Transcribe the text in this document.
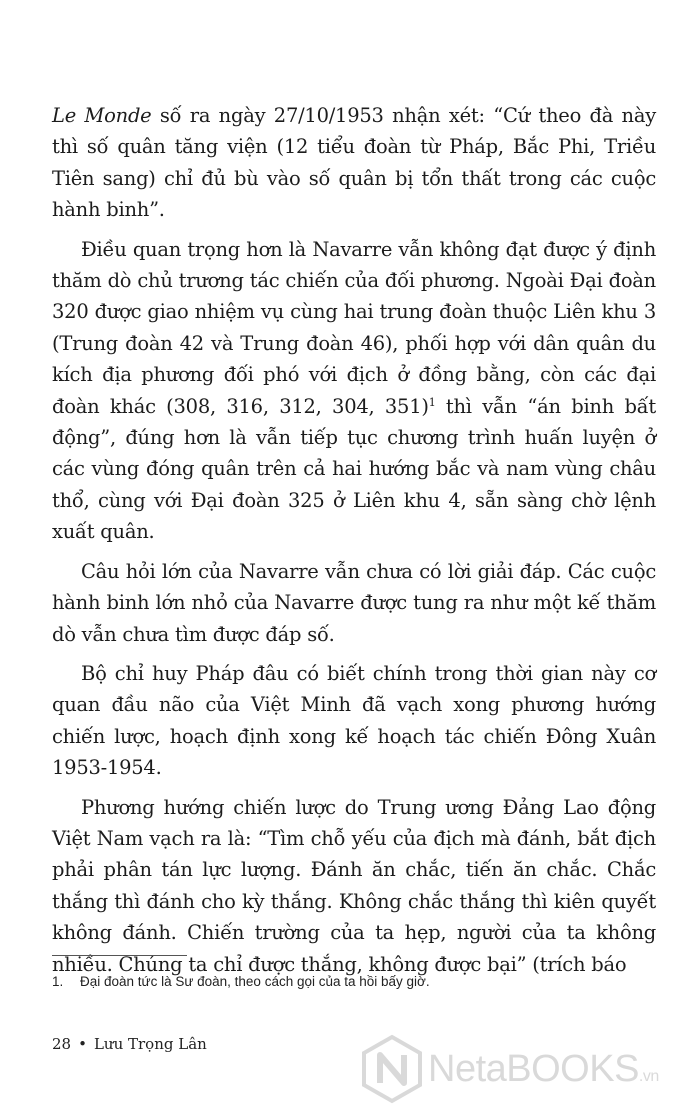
Le Monde số ra ngày 27/10/1953 nhận xét: “Cứ theo đà này thì số quân tăng viện (12 tiểu đoàn từ Pháp, Bắc Phi, Triều Tiên sang) chỉ đủ bù vào số quân bị tổn thất trong các cuộc hành binh”.

Điều quan trọng hơn là Navarre vẫn không đạt được ý định thăm dò chủ trương tác chiến của đối phương. Ngoài Đại đoàn 320 được giao nhiệm vụ cùng hai trung đoàn thuộc Liên khu 3 (Trung đoàn 42 và Trung đoàn 46), phối hợp với dân quân du kích địa phương đối phó với địch ở đồng bằng, còn các đại đoàn khác (308, 316, 312, 304, 351)$^1$ thì vẫn “án binh bất động”, đúng hơn là vẫn tiếp tục chương trình huấn luyện ở các vùng đóng quân trên cả hai hướng bắc và nam vùng châu thổ, cùng với Đại đoàn 325 ở Liên khu 4, sẵn sàng chờ lệnh xuất quân.

Câu hỏi lớn của Navarre vẫn chưa có lời giải đáp. Các cuộc hành binh lớn nhỏ của Navarre được tung ra như một kế thăm dò vẫn chưa tìm được đáp số.

Bộ chỉ huy Pháp đâu có biết chính trong thời gian này cơ quan đầu não của Việt Minh đã vạch xong phương hướng chiến lược, hoạch định xong kế hoạch tác chiến Đông Xuân 1953-1954.

Phương hướng chiến lược do Trung ương Đảng Lao động Việt Nam vạch ra là: “Tìm chỗ yếu của địch mà đánh, bắt địch phải phân tán lực lượng. Đánh ăn chắc, tiến ăn chắc. Chắc thắng thì đánh cho kỳ thắng. Không chắc thắng thì kiên quyết không đánh. Chiến trường của ta hẹp, người của ta không nhiều. Chúng ta chỉ được thắng, không được bại” (trích báo

1. Đại đoàn tức là Sư đoàn, theo cách gọi của ta hồi bấy giờ.
28 • Lưu Trọng Lân
NetaBOOKS.vn
